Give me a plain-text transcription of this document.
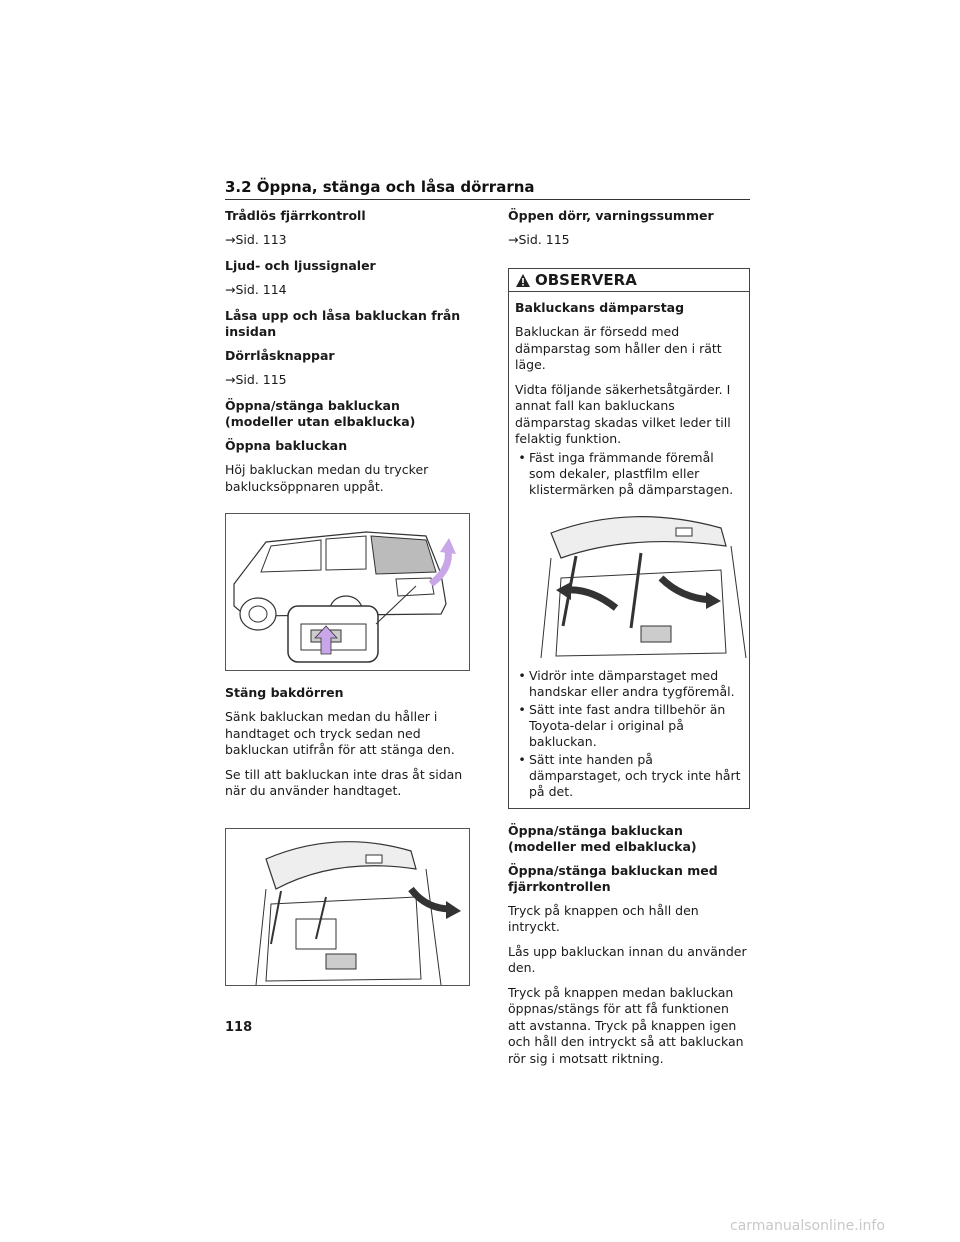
3.2 Öppna, stänga och låsa dörrarna
Trådlös fjärrkontroll
→Sid. 113
Ljud- och ljussignaler
→Sid. 114
Låsa upp och låsa bakluckan från insidan
Dörrlåsknappar
→Sid. 115
Öppna/stänga bakluckan (modeller utan elbaklucka)
Öppna bakluckan
Höj bakluckan medan du trycker baklucksöppnaren uppåt.
Stäng bakdörren
Sänk bakluckan medan du håller i handtaget och tryck sedan ned bakluckan utifrån för att stänga den.
Se till att bakluckan inte dras åt sidan när du använder handtaget.
Öppen dörr, varningssummer
→Sid. 115
OBSERVERA
Bakluckans dämparstag
Bakluckan är försedd med dämparstag som håller den i rätt läge.
Vidta följande säkerhetsåtgärder. I annat fall kan bakluckans dämparstag skadas vilket leder till felaktig funktion.
• Fäst inga främmande föremål som dekaler, plastfilm eller klistermärken på dämparstagen.
• Vidrör inte dämparstaget med handskar eller andra tygföremål.
• Sätt inte fast andra tillbehör än Toyota-delar i original på bakluckan.
• Sätt inte handen på dämparstaget, och tryck inte hårt på det.
Öppna/stänga bakluckan (modeller med elbaklucka)
Öppna/stänga bakluckan med fjärrkontrollen
Tryck på knappen och håll den intryckt.
Lås upp bakluckan innan du använder den.
Tryck på knappen medan bakluckan öppnas/stängs för att få funktionen att avstanna. Tryck på knappen igen och håll den intryckt så att bakluckan rör sig i motsatt riktning.
118
carmanualsonline.info
